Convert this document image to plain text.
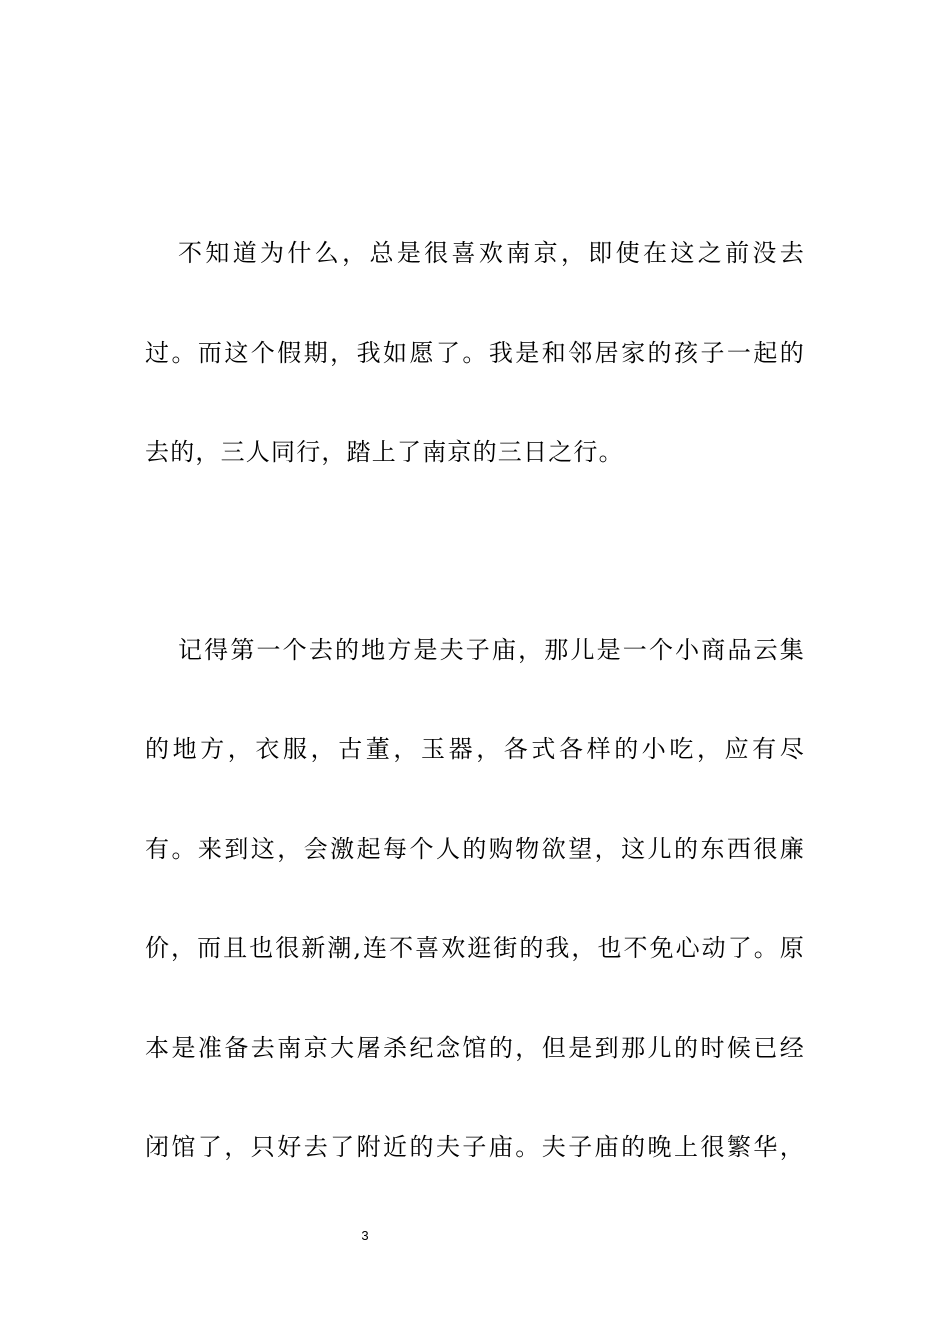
不知道为什么，总是很喜欢南京，即使在这之前没去
过。而这个假期，我如愿了。我是和邻居家的孩子一起的
去的，三人同行，踏上了南京的三日之行。
记得第一个去的地方是夫子庙，那儿是一个小商品云集
的地方，衣服，古董，玉器，各式各样的小吃，应有尽
有。来到这，会激起每个人的购物欲望，这儿的东西很廉
价，而且也很新潮,连不喜欢逛街的我，也不免心动了。原
本是准备去南京大屠杀纪念馆的，但是到那儿的时候已经
闭馆了，只好去了附近的夫子庙。夫子庙的晚上很繁华，
3
